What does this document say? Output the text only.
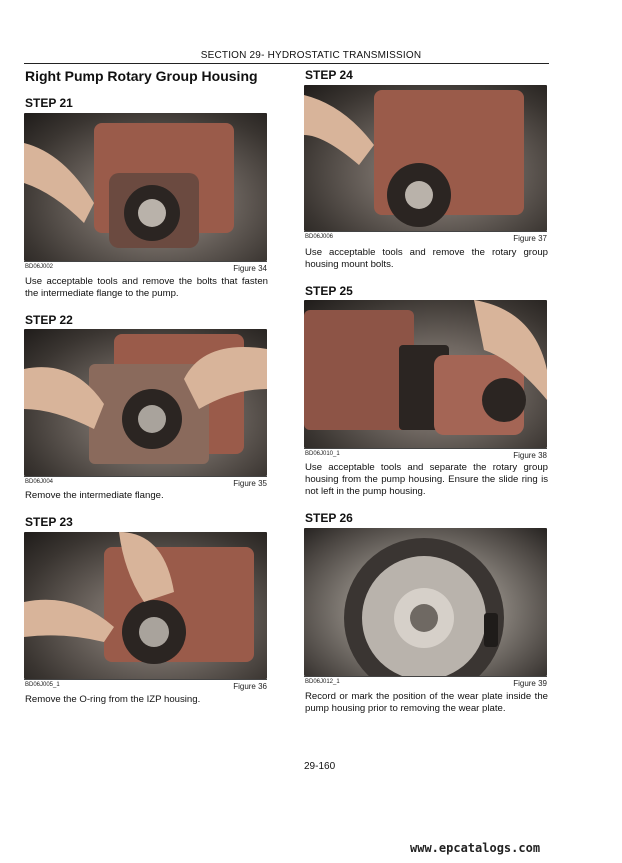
SECTION 29- HYDROSTATIC TRANSMISSION
Right Pump Rotary Group Housing
STEP 21
BD06J002	Figure 34
Use acceptable tools and remove the bolts that fasten the intermediate flange to the pump.
STEP 22
BD06J004	Figure 35
Remove the intermediate flange.
STEP 23
BD06J005_1	Figure 36
Remove the O-ring from the IZP housing.
STEP 24
BD06J006	Figure 37
Use acceptable tools and remove the rotary group housing mount bolts.
STEP 25
BD06J010_1	Figure 38
Use acceptable tools and separate the rotary group housing from the pump housing. Ensure the slide ring is not left in the pump housing.
STEP 26
BD06J012_1	Figure 39
Record or mark the position of the wear plate inside the pump housing prior to removing the wear plate.
29-160
www.epcatalogs.com
